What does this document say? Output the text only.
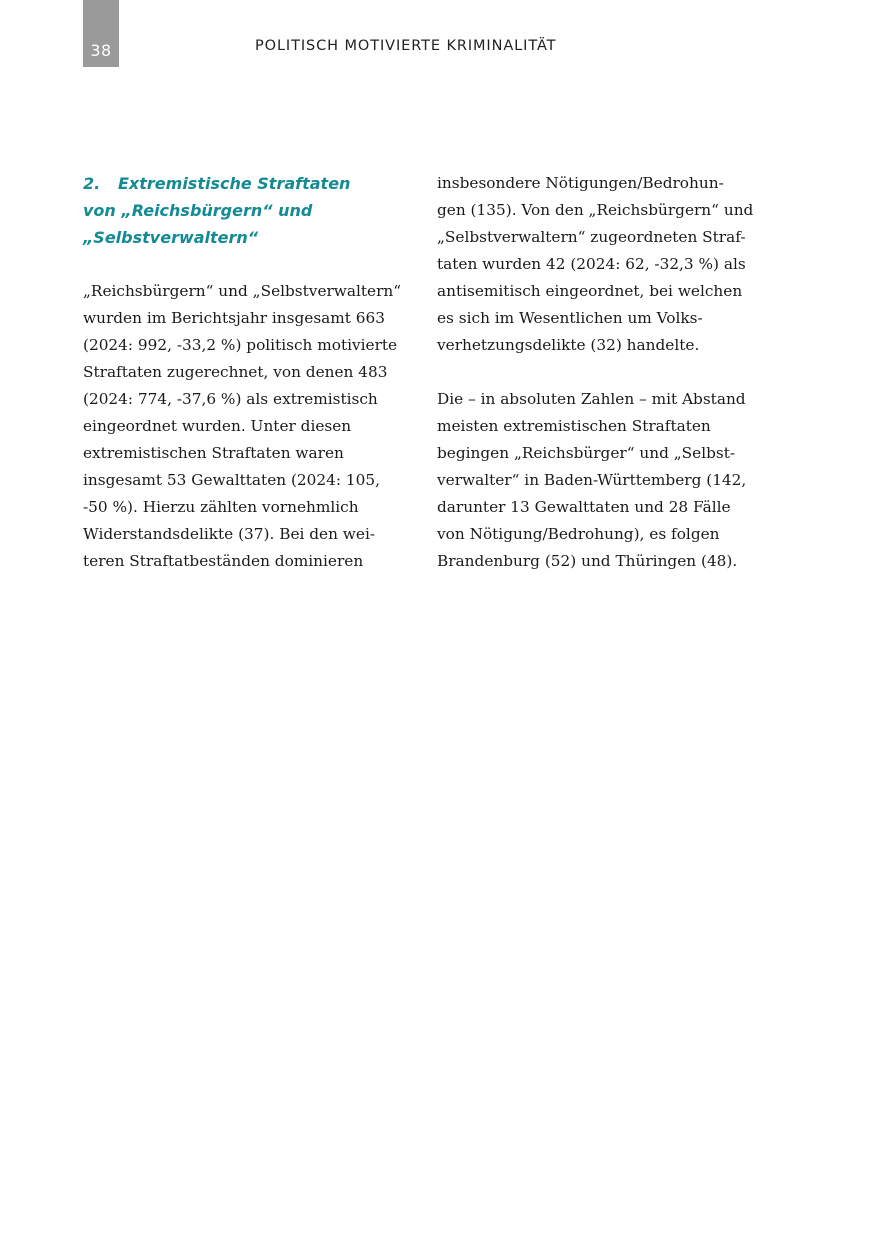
38	POLITISCH MOTIVIERTE KRIMINALITÄT
2. Extremistische Straftaten
von „Reichsbürgern“ und
„Selbstverwaltern“
„Reichsbürgern“ und „Selbstverwaltern“
wurden im Berichtsjahr insgesamt 663
(2024: 992, -33,2 %) politisch motivierte
Straftaten zugerechnet, von denen 483
(2024: 774, -37,6 %) als extremistisch
eingeordnet wurden. Unter diesen
extremistischen Straftaten waren
insgesamt 53 Gewalttaten (2024: 105,
-50 %). Hierzu zählten vornehmlich
Widerstandsdelikte (37). Bei den wei-
teren Straftatbeständen dominieren
insbesondere Nötigungen/Bedrohun-
gen (135). Von den „Reichsbürgern“ und
„Selbstverwaltern“ zugeordneten Straf-
taten wurden 42 (2024: 62, -32,3 %) als
antisemitisch eingeordnet, bei welchen
es sich im Wesentlichen um Volks-
verhetzungsdelikte (32) handelte.
Die – in absoluten Zahlen – mit Abstand
meisten extremistischen Straftaten
begingen „Reichsbürger“ und „Selbst-
verwalter“ in Baden-Württemberg (142,
darunter 13 Gewalttaten und 28 Fälle
von Nötigung/Bedrohung), es folgen
Brandenburg (52) und Thüringen (48).
